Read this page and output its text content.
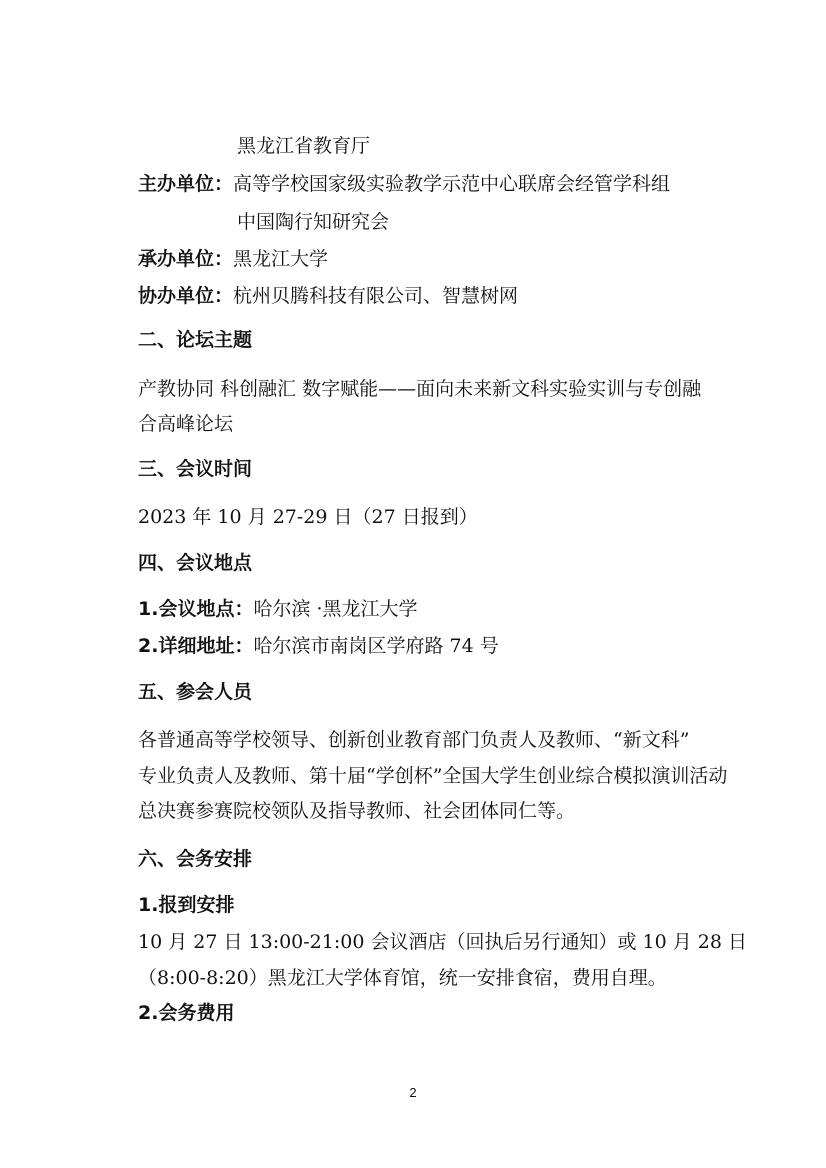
黑龙江省教育厅
主办单位：高等学校国家级实验教学示范中心联席会经管学科组
中国陶行知研究会
承办单位：黑龙江大学
协办单位：杭州贝腾科技有限公司、智慧树网
二、论坛主题
产教协同 科创融汇 数字赋能——面向未来新文科实验实训与专创融
合高峰论坛
三、会议时间
2023 年 10 月 27-29 日（27 日报到）
四、会议地点
1.会议地点：哈尔滨 ·黑龙江大学
2.详细地址：哈尔滨市南岗区学府路 74 号
五、参会人员
各普通高等学校领导、创新创业教育部门负责人及教师、“新文科”
专业负责人及教师、第十届“学创杯”全国大学生创业综合模拟演训活动
总决赛参赛院校领队及指导教师、社会团体同仁等。
六、会务安排
1.报到安排
10 月 27 日 13:00-21:00 会议酒店（回执后另行通知）或 10 月 28 日
（8:00-8:20）黑龙江大学体育馆，统一安排食宿，费用自理。
2.会务费用
2
